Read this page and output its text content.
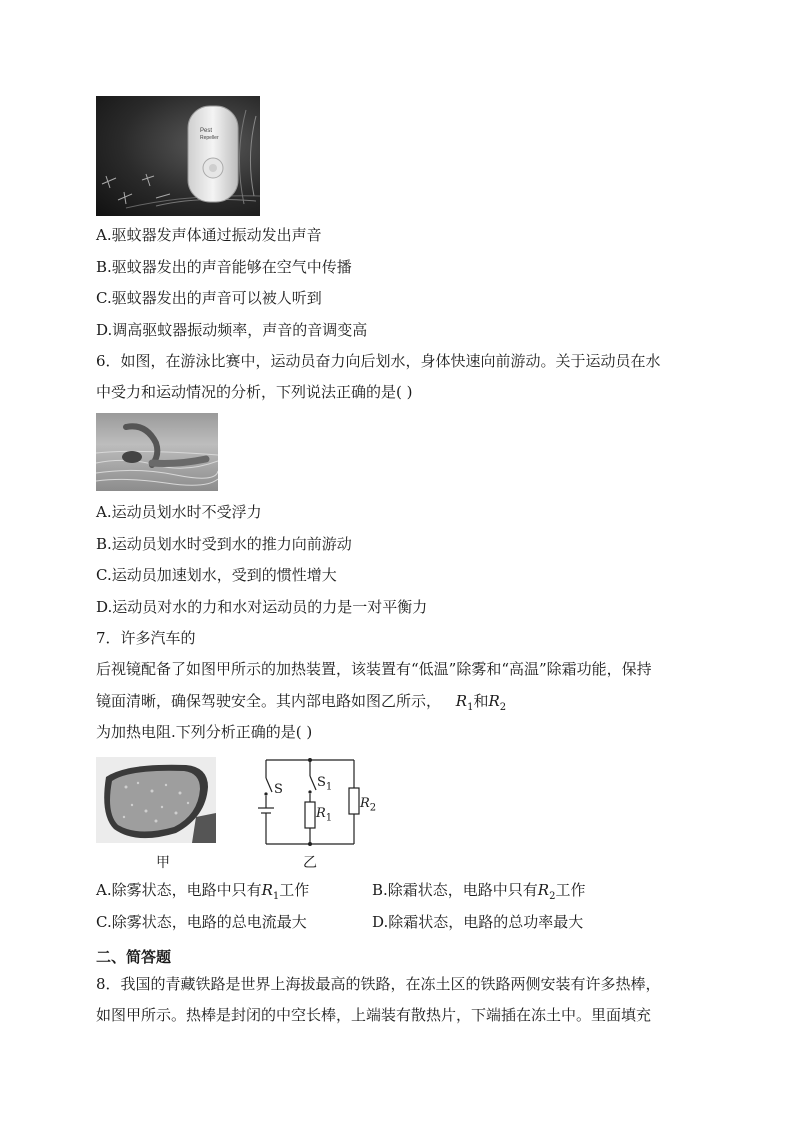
Pest
Repeller
A.驱蚊器发声体通过振动发出声音
B.驱蚊器发出的声音能够在空气中传播
C.驱蚊器发出的声音可以被人听到
D.调高驱蚊器振动频率，声音的音调变高
6．如图，在游泳比赛中，运动员奋力向后划水，身体快速向前游动。关于运动员在水
中受力和运动情况的分析，下列说法正确的是( )
A.运动员划水时不受浮力
B.运动员划水时受到水的推力向前游动
C.运动员加速划水，受到的惯性增大
D.运动员对水的力和水对运动员的力是一对平衡力
7．许多汽车的
后视镜配备了如图甲所示的加热装置，该装置有“低温”除雾和“高温”除霜功能，保持
镜面清晰，确保驾驶安全。其内部电路如图乙所示， $R_1$和$R_2$
为加热电阻.下列分析正确的是( )
甲
S	$S_1$
$R_1$
$R_2$
乙
A.除雾状态，电路中只有$R_1$工作	B.除霜状态，电路中只有$R_2$工作
C.除雾状态，电路的总电流最大	D.除霜状态，电路的总功率最大
二、简答题
8．我国的青藏铁路是世界上海拔最高的铁路，在冻土区的铁路两侧安装有许多热棒，
如图甲所示。热棒是封闭的中空长棒，上端装有散热片，下端插在冻土中。里面填充
